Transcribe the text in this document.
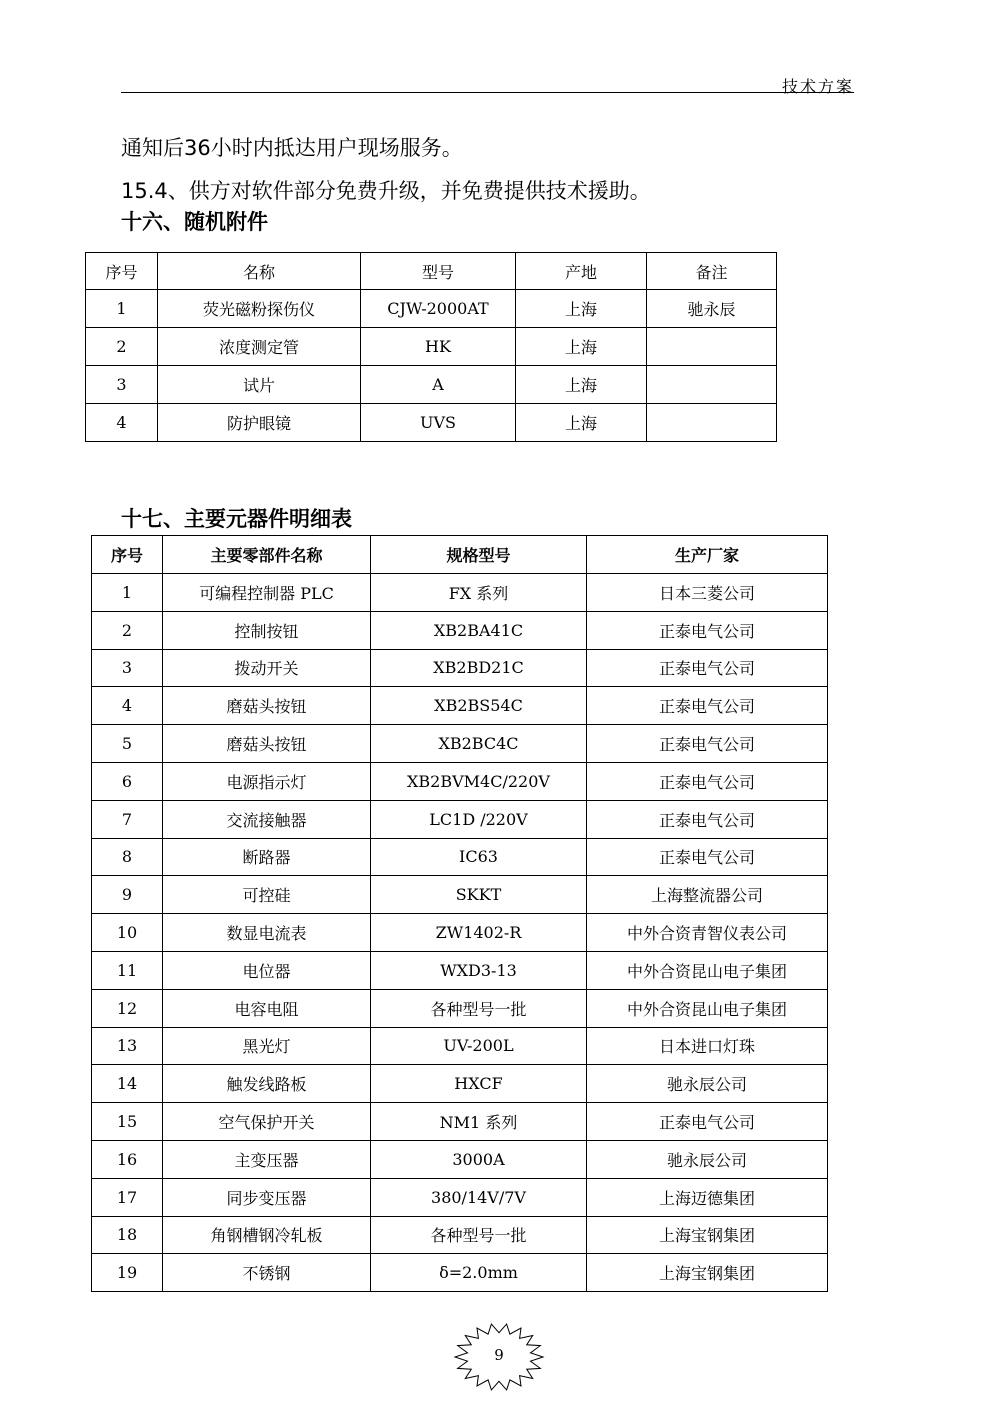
技术方案
通知后36小时内抵达用户现场服务。
15.4、供方对软件部分免费升级，并免费提供技术援助。
十六、随机附件
序号	名称	型号	产地	备注
1	荧光磁粉探伤仪	CJW-2000AT	上海	驰永辰
2	浓度测定管	HK	上海	
3	试片	A	上海	
4	防护眼镜	UVS	上海	
十七、主要元器件明细表
序号	主要零部件名称	规格型号	生产厂家
1	可编程控制器 PLC	FX 系列	日本三菱公司
2	控制按钮	XB2BA41C	正泰电气公司
3	拨动开关	XB2BD21C	正泰电气公司
4	磨菇头按钮	XB2BS54C	正泰电气公司
5	磨菇头按钮	XB2BC4C	正泰电气公司
6	电源指示灯	XB2BVM4C/220V	正泰电气公司
7	交流接触器	LC1D /220V	正泰电气公司
8	断路器	IC63	正泰电气公司
9	可控硅	SKKT	上海整流器公司
10	数显电流表	ZW1402-R	中外合资青智仪表公司
11	电位器	WXD3-13	中外合资昆山电子集团
12	电容电阻	各种型号一批	中外合资昆山电子集团
13	黑光灯	UV-200L	日本进口灯珠
14	触发线路板	HXCF	驰永辰公司
15	空气保护开关	NM1 系列	正泰电气公司
16	主变压器	3000A	驰永辰公司
17	同步变压器	380/14V/7V	上海迈德集团
18	角钢槽钢冷轧板	各种型号一批	上海宝钢集团
19	不锈钢	δ=2.0mm	上海宝钢集团
9
